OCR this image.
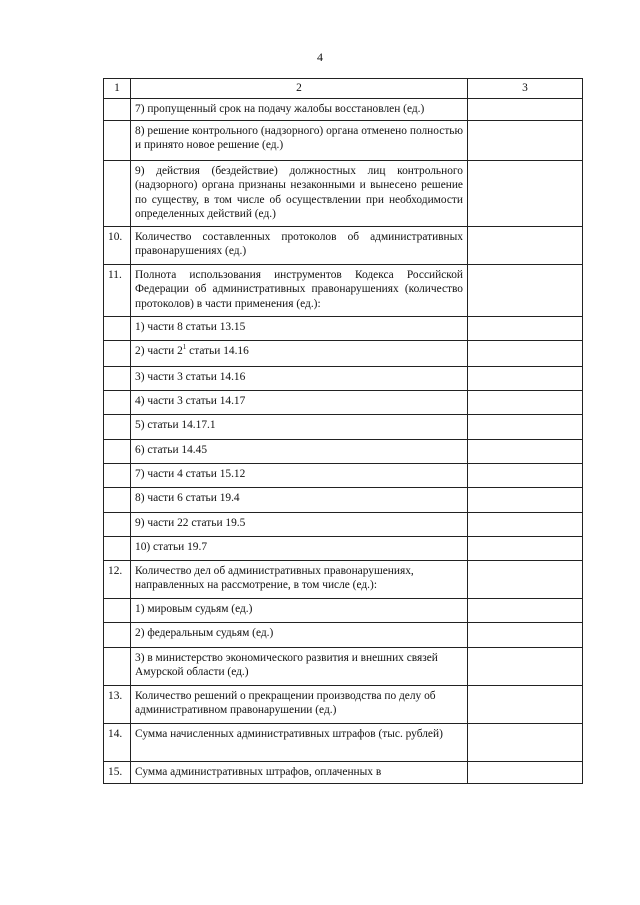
4
1	2	3
	7) пропущенный срок на подачу жалобы восстановлен (ед.)	
	8) решение контрольного (надзорного) органа отменено полностью и принято новое решение (ед.)	
	9) действия (бездействие) должностных лиц контрольного (надзорного) органа признаны незаконными и вынесено решение по существу, в том числе об осуществлении при необходимости определенных действий (ед.)	
10.	Количество составленных протоколов об административных правонарушениях (ед.)	
11.	Полнота использования инструментов Кодекса Российской Федерации об административных правонарушениях (количество протоколов) в части применения (ед.):	
	1) части 8 статьи 13.15	
	2) части $2^1$ статьи 14.16	
	3) части 3 статьи 14.16	
	4) части 3 статьи 14.17	
	5) статьи 14.17.1	
	6) статьи 14.45	
	7) части 4 статьи 15.12	
	8) части 6 статьи 19.4	
	9) части 22 статьи 19.5	
	10) статьи 19.7	
12.	Количество дел об административных правонарушениях, направленных на рассмотрение, в том числе (ед.):	
	1) мировым судьям (ед.)	
	2) федеральным судьям (ед.)	
	3) в министерство экономического развития и внешних связей Амурской области (ед.)	
13.	Количество решений о прекращении производства по делу об административном правонарушении (ед.)	
14.	Сумма начисленных административных штрафов (тыс. рублей)	
15.	Сумма административных штрафов, оплаченных в	
